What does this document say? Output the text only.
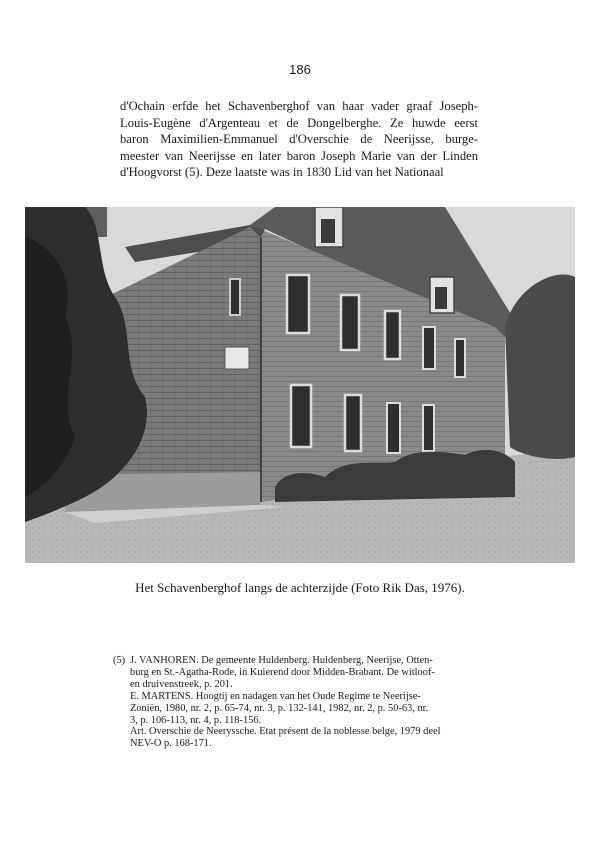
186
d'Ochain erfde het Schavenberghof van haar vader graaf Joseph-
Louis-Eugène d'Argenteau et de Dongelberghe. Ze huwde eerst
baron Maximilien-Emmanuel d'Overschie de Neerijsse, burge-
meester van Neerijsse en later baron Joseph Marie van der Linden
d'Hoogvorst (5). Deze laatste was in 1830 Lid van het Nationaal
Het Schavenberghof langs de achterzijde (Foto Rik Das, 1976).
(5) J. VANHOREN. De gemeente Huldenberg. Huldenberg, Neerijse, Otten-
burg en St.-Agatha-Rode, in Kuierend door Midden-Brabant. De witloof-
en druivenstreek, p. 201.
E. MARTENS. Hoogtij en nadagen van het Oude Regime te Neerijse-
Zoniën, 1980, nr. 2, p. 65-74, nr. 3, p. 132-141, 1982, nr. 2, p. 50-63, nr.
3, p. 106-113, nr. 4, p. 118-156.
Art. Overschie de Neeryssche. Etat présent de la noblesse belge, 1979 deel
NEV-O p. 168-171.
